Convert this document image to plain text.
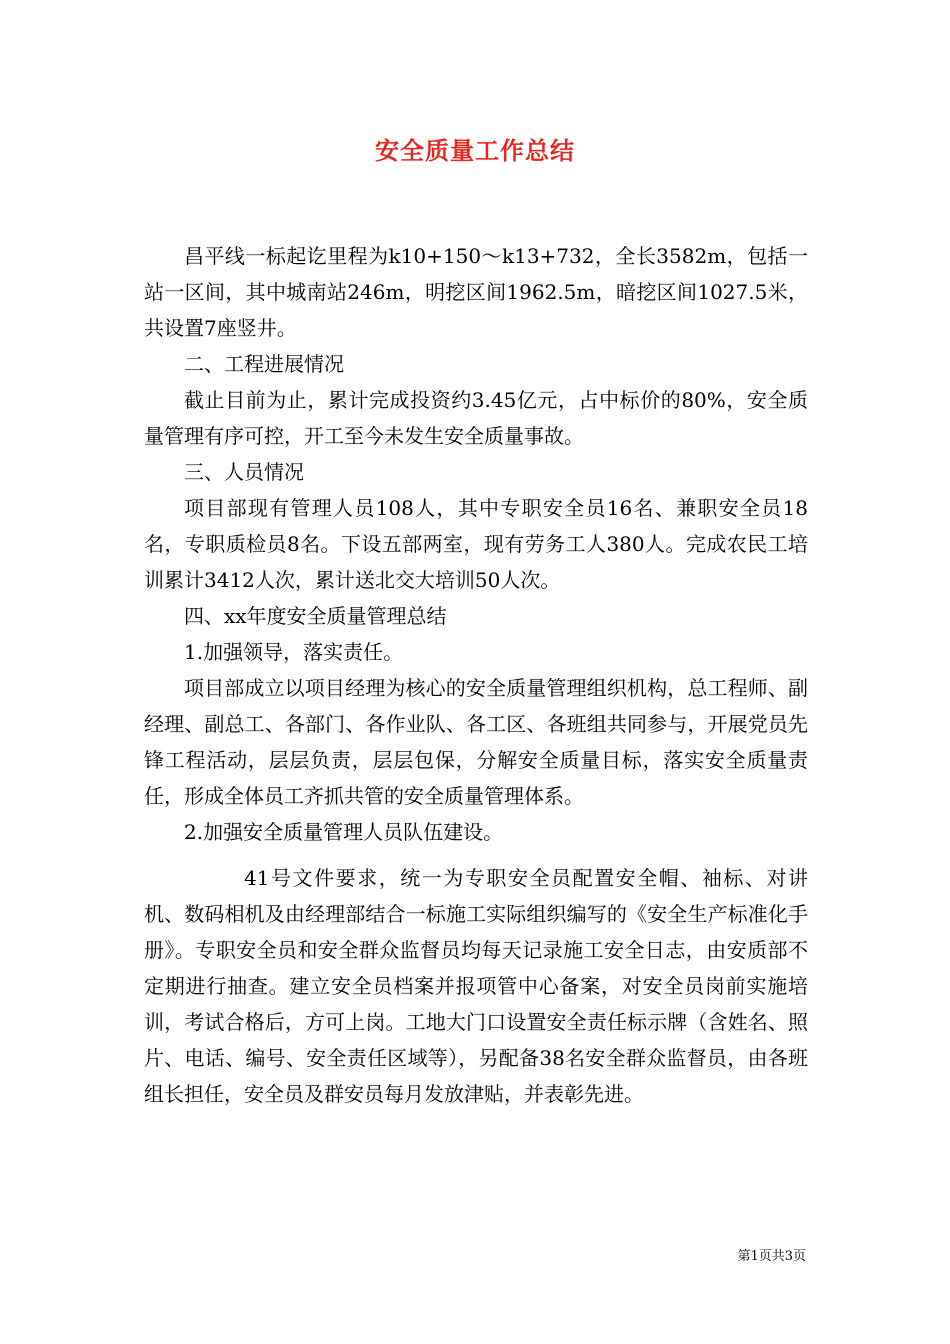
安全质量工作总结

昌平线一标起讫里程为k10+150～k13+732，全长3582m，包括一站一区间，其中城南站246m，明挖区间1962.5m，暗挖区间1027.5米，共设置7座竖井。

二、工程进展情况

截止目前为止，累计完成投资约3.45亿元，占中标价的80%，安全质量管理有序可控，开工至今未发生安全质量事故。

三、人员情况

项目部现有管理人员108人，其中专职安全员16名、兼职安全员18名，专职质检员8名。下设五部两室，现有劳务工人380人。完成农民工培训累计3412人次，累计送北交大培训50人次。

四、xx年度安全质量管理总结

1.加强领导，落实责任。

项目部成立以项目经理为核心的安全质量管理组织机构，总工程师、副经理、副总工、各部门、各作业队、各工区、各班组共同参与，开展党员先锋工程活动，层层负责，层层包保，分解安全质量目标，落实安全质量责任，形成全体员工齐抓共管的安全质量管理体系。

2.加强安全质量管理人员队伍建设。

41号文件要求，统一为专职安全员配置安全帽、袖标、对讲机、数码相机及由经理部结合一标施工实际组织编写的《安全生产标准化手册》。专职安全员和安全群众监督员均每天记录施工安全日志，由安质部不定期进行抽查。建立安全员档案并报项管中心备案，对安全员岗前实施培训，考试合格后，方可上岗。工地大门口设置安全责任标示牌（含姓名、照片、电话、编号、安全责任区域等），另配备38名安全群众监督员，由各班组长担任，安全员及群安员每月发放津贴，并表彰先进。

第1页共3页
